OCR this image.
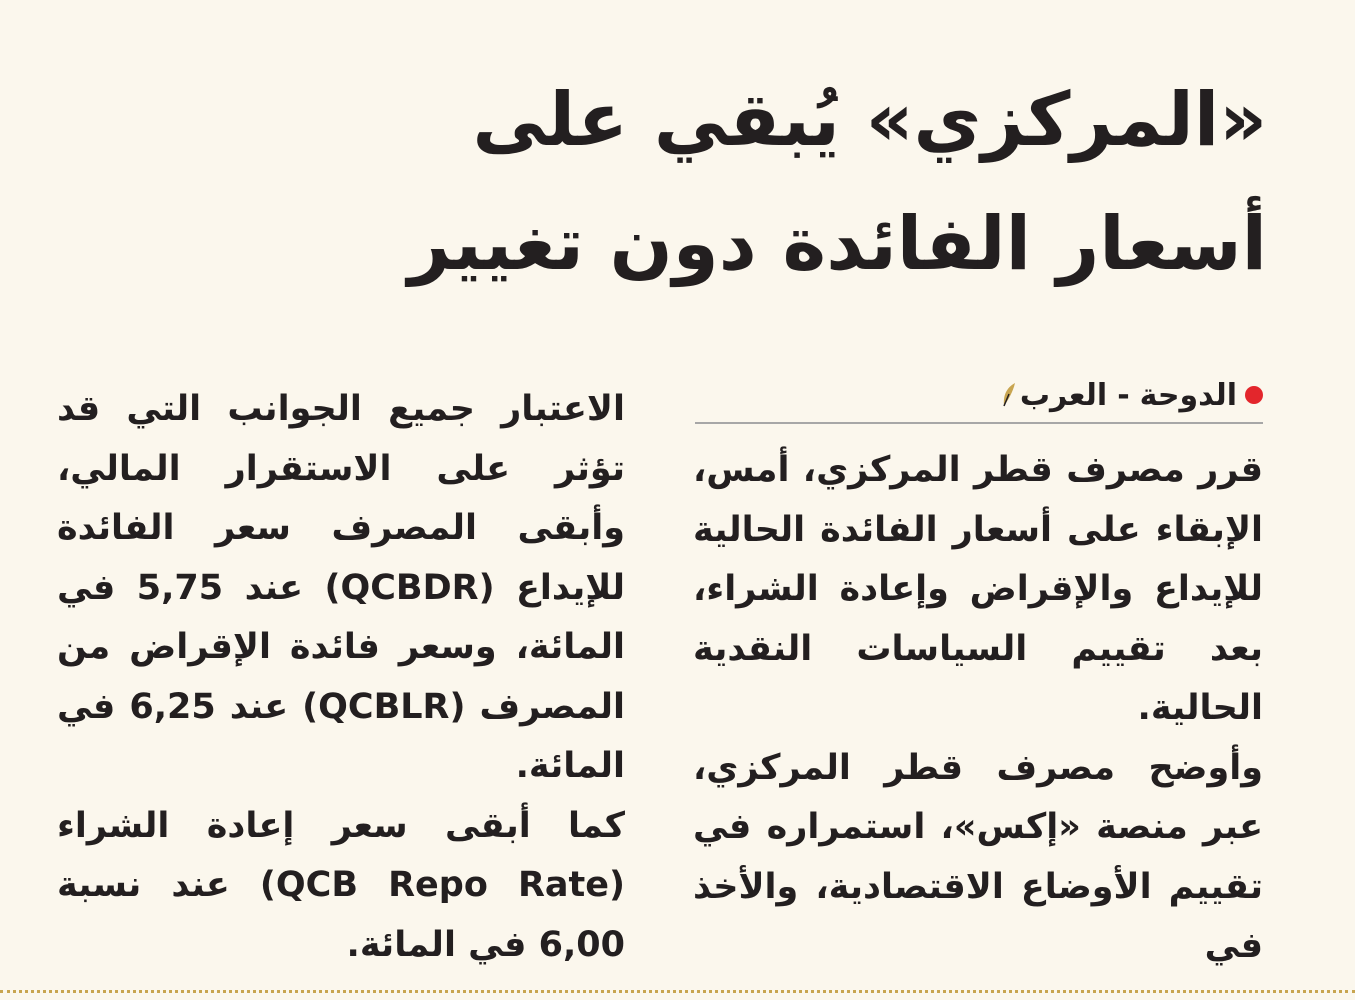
«المركزي» يُبقي على أسعار الفائدة دون تغيير
الدوحة
-
العرب

قرر مصرف قطر المركزي، أمس، الإبقاء على أسعار الفائدة الحالية للإيداع والإقراض وإعادة الشراء، بعد تقييم السياسات النقدية الحالية.

وأوضح مصرف قطر المركزي، عبر منصة «إكس»، استمراره في تقييم الأوضاع الاقتصادية، والأخذ في

الاعتبار جميع الجوانب التي قد تؤثر على الاستقرار المالي، وأبقى المصرف سعر الفائدة للإيداع (QCBDR) عند 5,75 في المائة، وسعر فائدة الإقراض من المصرف (QCBLR) عند 6,25 في المائة.

كما أبقى سعر إعادة الشراء (QCB Repo Rate) عند نسبة 6,00 في المائة.
